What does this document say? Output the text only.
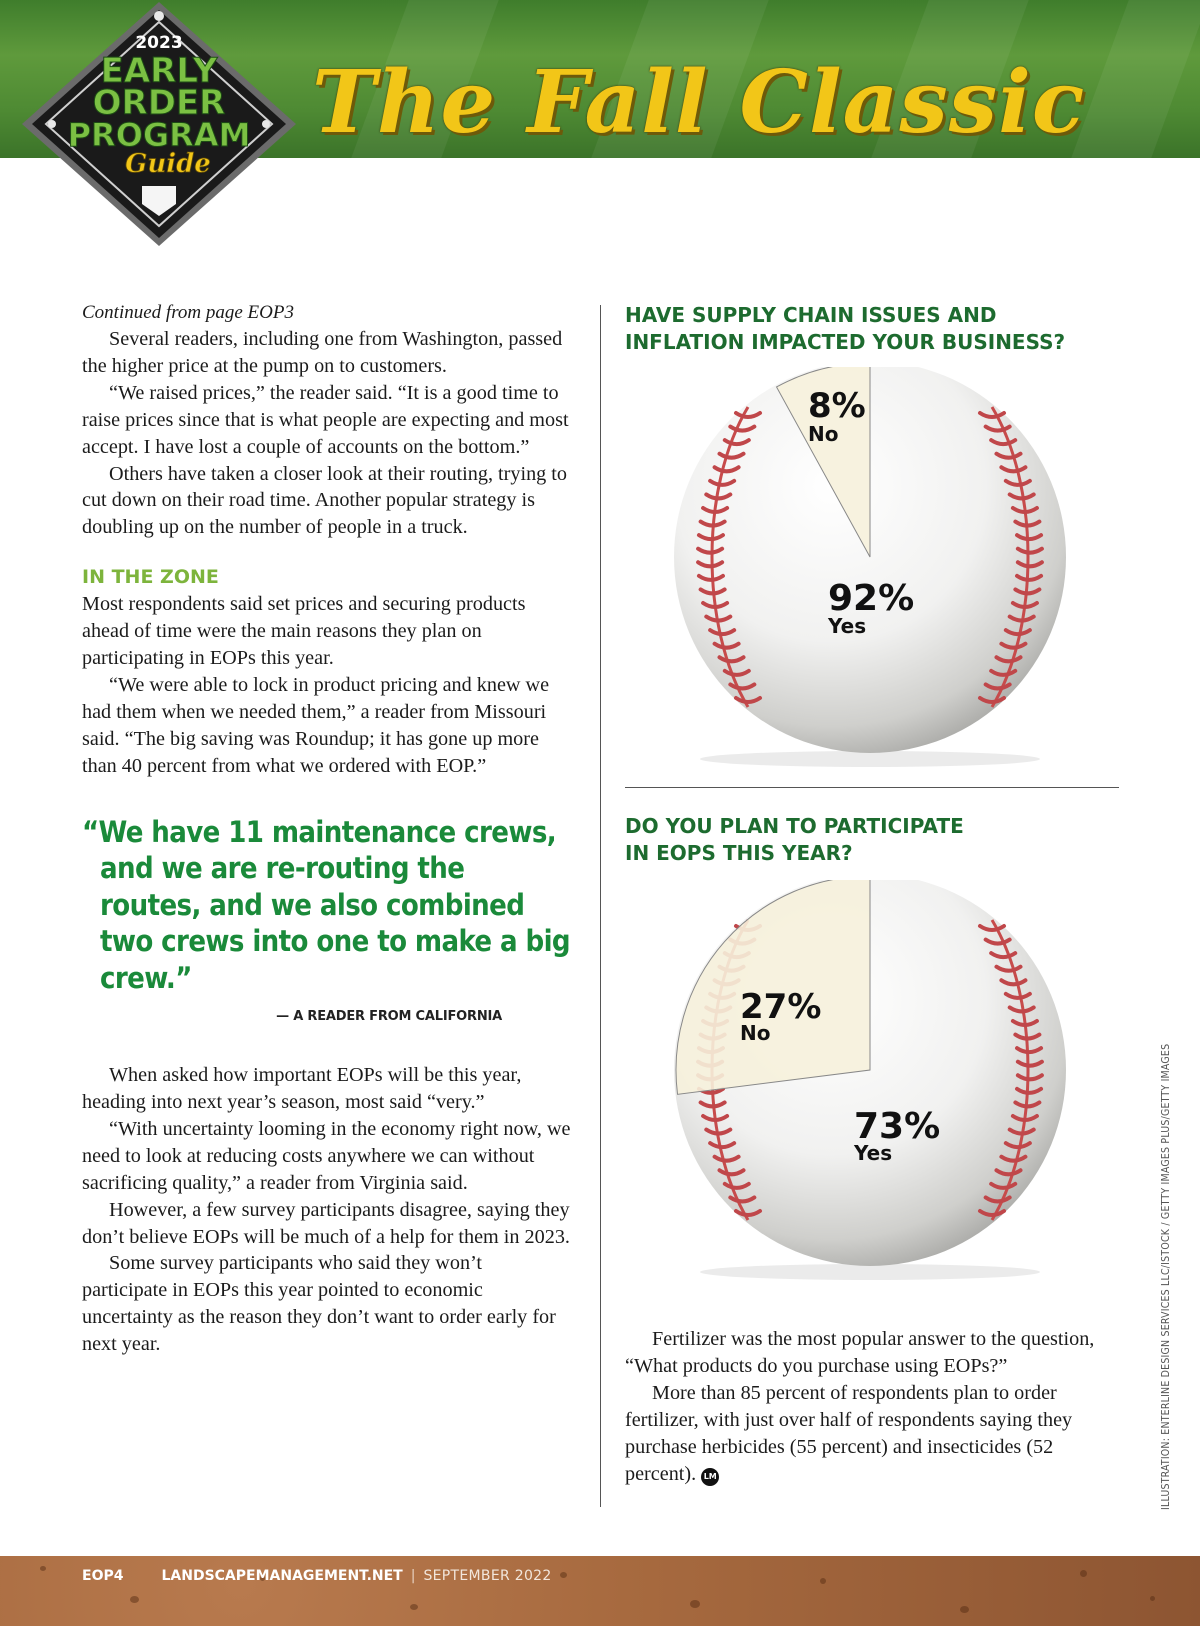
The Fall Classic
2023
EARLY
ORDER
PROGRAM
Guide
Continued from page EOP3

Several readers, including one from Washington, passed the higher price at the pump on to customers.

“We raised prices,” the reader said. “It is a good time to raise prices since that is what people are expecting and most accept. I have lost a couple of accounts on the bottom.”

Others have taken a closer look at their routing, trying to cut down on their road time. Another popular strategy is doubling up on the number of people in a truck.

IN THE ZONE

Most respondents said set prices and securing products ahead of time were the main reasons they plan on participating in EOPs this year.

“We were able to lock in product pricing and knew we had them when we needed them,” a reader from Missouri said. “The big saving was Roundup; it has gone up more than 40 percent from what we ordered with EOP.”

“We have 11 maintenance crews, and we are re-routing the routes, and we also combined two crews into one to make a big crew.”
— A READER FROM CALIFORNIA

When asked how important EOPs will be this year, heading into next year’s season, most said “very.”

“With uncertainty looming in the economy right now, we need to look at reducing costs anywhere we can without sacrificing quality,” a reader from Virginia said.

However, a few survey participants disagree, saying they don’t believe EOPs will be much of a help for them in 2023.

Some survey participants who said they won’t participate in EOPs this year pointed to economic uncertainty as the reason they don’t want to order early for next year.

HAVE SUPPLY CHAIN ISSUES AND
INFLATION IMPACTED YOUR BUSINESS?
DO YOU PLAN TO PARTICIPATE
IN EOPS THIS YEAR?
8%
No
92%
Yes
27%
No
73%
Yes

Fertilizer was the most popular answer to the question, “What products do you purchase using EOPs?”

More than 85 percent of respondents plan to order fertilizer, with just over half of respondents saying they purchase herbicides (55 percent) and insecticides (52 percent). LM	ILLUSTRATION: ENTERLINE DESIGN SERVICES LLC/ISTOCK / GETTY IMAGES PLUS/GETTY IMAGES
EOP4	LANDSCAPEMANAGEMENT.NET | SEPTEMBER 2022
